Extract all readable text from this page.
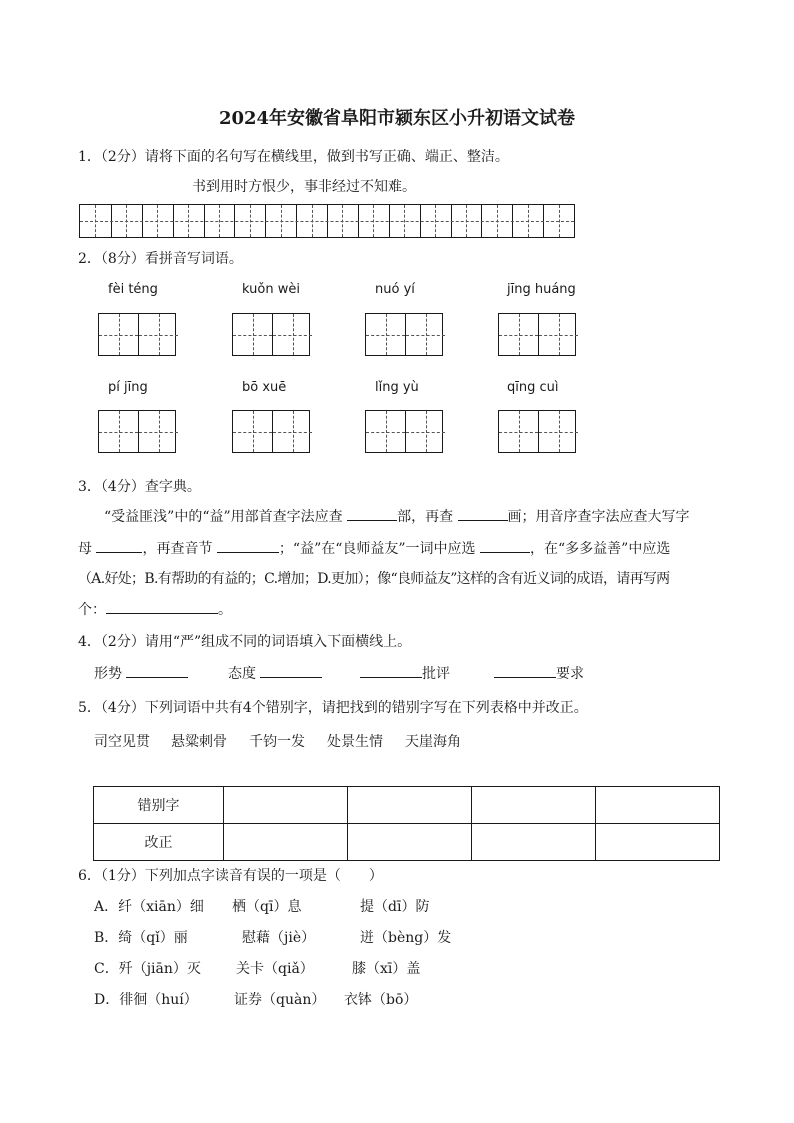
2024年安徽省阜阳市颍东区小升初语文试卷
1．（2分）请将下面的名句写在横线里，做到书写正确、端正、整洁。
书到用时方恨少，事非经过不知难。
2．（8分）看拼音写词语。
fèi téng	kuǒn wèi	nuó yí	jīng huáng
pí jīng	bō xuē	lǐng yù	qīng cuì
3．（4分）查字典。
“受益匪浅”中的“益”用部首查字法应查	部，再查	画；用音序查字法应查大写字
母	，再查音节	；“益”在“良师益友”一词中应选	，在“多多益善”中应选
（A.好处；B.有帮助的有益的；C.增加；D.更加）；像“良师益友”这样的含有近义词的成语，请再写两
个：	。
4．（2分）请用“严”组成不同的词语填入下面横线上。
形势	态度	批评	要求
5．（4分）下列词语中共有4个错别字，请把找到的错别字写在下列表格中并改正。
司空见贯 悬粱刺骨 千钧一发 处景生情 天崖海角
错别字				
改正				
6．（1分）下列加点字读音有误的一项是（　　）
A．纤（xiān）细 栖（qī）息	提（dī）防
B．绮（qǐ）丽	慰藉（jiè）	迸（bèng）发
C．歼（jiān）灭	关卡（qiǎ）	膝（xī）盖
D．徘徊（huí）	证券（quàn） 衣钵（bō）
